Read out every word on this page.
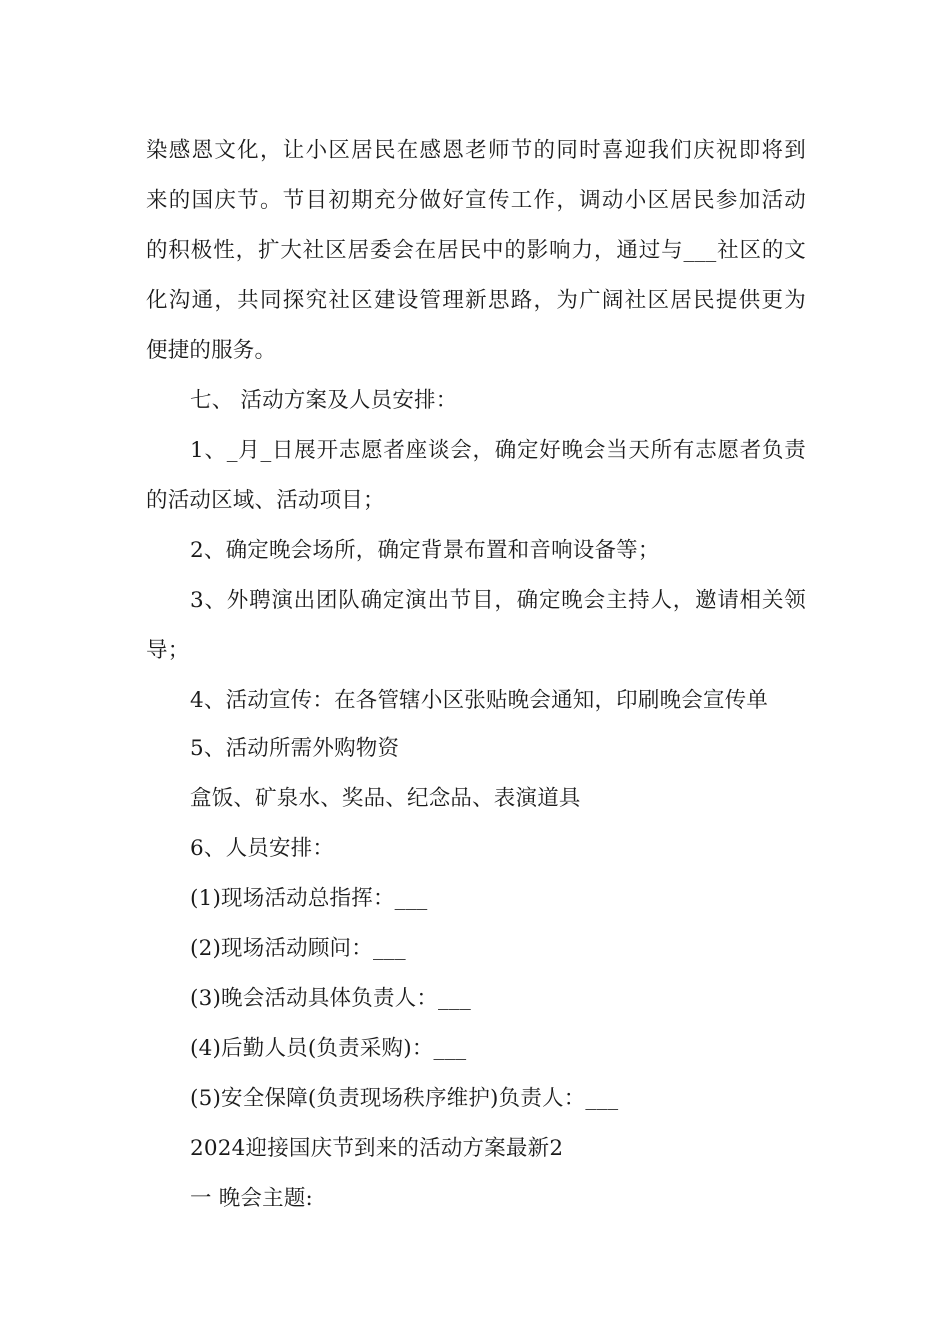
染感恩文化，让小区居民在感恩老师节的同时喜迎我们庆祝即将到
来的国庆节。节目初期充分做好宣传工作，调动小区居民参加活动
的积极性，扩大社区居委会在居民中的影响力，通过与___社区的文
化沟通，共同探究社区建设管理新思路，为广阔社区居民提供更为
便捷的服务。
七、 活动方案及人员安排：
1、_月_日展开志愿者座谈会，确定好晚会当天所有志愿者负责
的活动区域、活动项目；
2、确定晚会场所，确定背景布置和音响设备等；
3、外聘演出团队确定演出节目，确定晚会主持人，邀请相关领
导；
4、活动宣传：在各管辖小区张贴晚会通知，印刷晚会宣传单
5、活动所需外购物资
盒饭、矿泉水、奖品、纪念品、表演道具
6、人员安排：
(1)现场活动总指挥：___
(2)现场活动顾问：___
(3)晚会活动具体负责人：___
(4)后勤人员(负责采购)：___
(5)安全保障(负责现场秩序维护)负责人：___
2024迎接国庆节到来的活动方案最新2
一 晚会主题:
